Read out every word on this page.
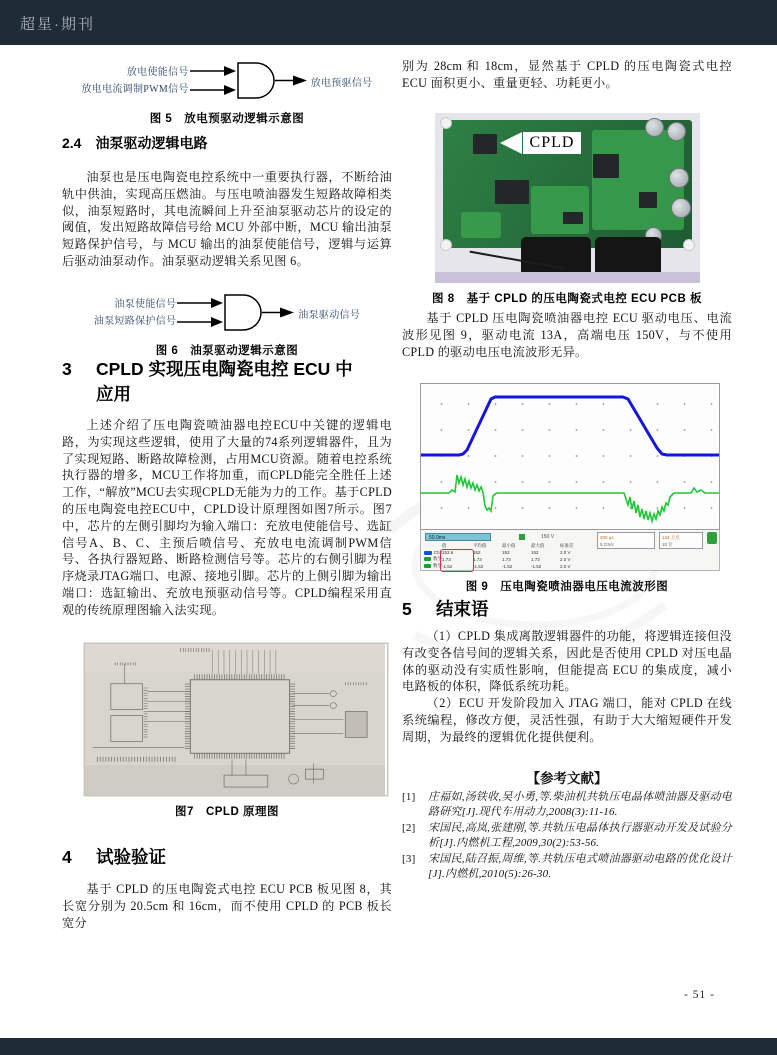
超星·期刊
放电使能信号
放电电流调制PWM信号
放电预驱信号
图 5　放电预驱动逻辑示意图
2.4　油泵驱动逻辑电路
油泵也是压电陶瓷电控系统中一重要执行器，不断给油轨中供油，实现高压燃油。与压电喷油器发生短路故障相类似，油泵短路时，其电流瞬间上升至油泵驱动芯片的设定的阈值，发出短路故障信号给 MCU 外部中断，MCU 输出油泵短路保护信号，与 MCU 输出的油泵使能信号，逻辑与运算后驱动油泵动作。油泵驱动逻辑关系见图 6。
油泵使能信号
油泵短路保护信号
油泵驱动信号
图 6　油泵驱动逻辑示意图
3	CPLD 实现压电陶瓷电控 ECU 中应用
上述介绍了压电陶瓷喷油器电控ECU中关键的逻辑电路，为实现这些逻辑，使用了大量的74系列逻辑器件，且为了实现短路、断路故障检测，占用MCU资源。随着电控系统执行器的增多，MCU工作将加重，而CPLD能完全胜任上述工作，“解放”MCU去实现CPLD无能为力的工作。基于CPLD的压电陶瓷电控ECU中，CPLD设计原理图如图7所示。图7中，芯片的左侧引脚均为输入端口：充放电使能信号、选缸信号A、B、C、主预后喷信号、充放电电流调制PWM信号、各执行器短路、断路检测信号等。芯片的右侧引脚为程序烧录JTAG端口、电源、接地引脚。芯片的上侧引脚为输出端口：选缸输出、充放电预驱动信号等。CPLD编程采用直观的传统原理图输入法实现。
图7　CPLD 原理图
4	试验验证
基于 CPLD 的压电陶瓷式电控 ECU PCB 板见图 8，其长宽分别为 20.5cm 和 16cm，而不使用 CPLD 的 PCB 板长宽分
别为 28cm 和 18cm，显然基于 CPLD 的压电陶瓷式电控 ECU 面积更小、重量更轻、功耗更小。
CPLD
图 8　基于 CPLD 的压电陶瓷式电控 ECU PCB 板
基于 CPLD 压电陶瓷喷油器电控 ECU 驱动电压、电流波形见图 9，驱动电流 13A，高端电压 150V，与不使用 CPLD 的驱动电压电流波形无异。
50.0ms	150 V	200 μs
5 GS/s
134 万点
10 位
值	平均值	最小值	最大值	标准差
Ch2 153.6	152	152	152	2.0 V
数学 1.73	1.73	1.73	1.73	2.0 V
数学 -1.52	-1.52	-1.52	-1.52	2.0 V
图 9　压电陶瓷喷油器电压电流波形图
5	结束语
（1）CPLD 集成离散逻辑器件的功能，将逻辑连接但没有改变各信号间的逻辑关系，因此是否使用 CPLD 对压电晶体的驱动没有实质性影响，但能提高 ECU 的集成度，减小电路板的体积，降低系统功耗。
（2）ECU 开发阶段加入 JTAG 端口，能对 CPLD 在线系统编程，修改方便，灵活性强，有助于大大缩短硬件开发周期，为最终的逻辑优化提供便利。
【参考文献】
[1]	庄福如,汤铁收,吴小勇,等.柴油机共轨压电晶体喷油器及驱动电路研究[J].现代车用动力,2008(3):11-16.
[2]	宋国民,高岚,张建刚,等.共轨压电晶体执行器驱动开发及试验分析[J].内燃机工程,2009,30(2):53-56.
[3]	宋国民,陆召振,周维,等.共轨压电式喷油器驱动电路的优化设计[J].内燃机,2010(5):26-30.
- 51 -
